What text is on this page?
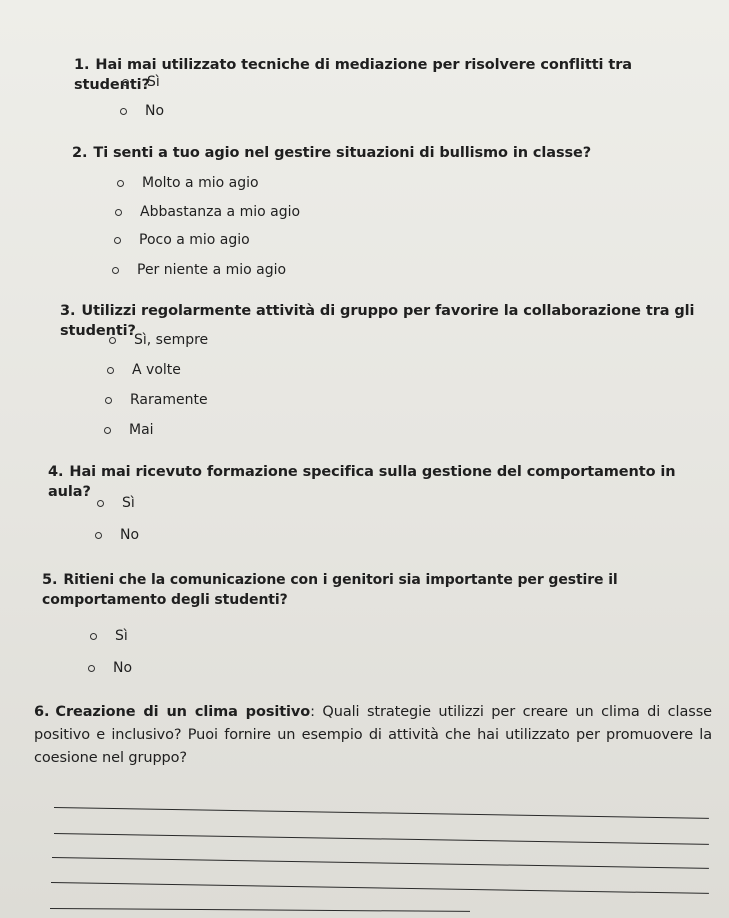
1. Hai mai utilizzato tecniche di mediazione per risolvere conflitti tra studenti?
Sì
No
2. Ti senti a tuo agio nel gestire situazioni di bullismo in classe?
Molto a mio agio
Abbastanza a mio agio
Poco a mio agio
Per niente a mio agio
3. Utilizzi regolarmente attività di gruppo per favorire la collaborazione tra gli studenti?
Sì, sempre
A volte
Raramente
Mai
4. Hai mai ricevuto formazione specifica sulla gestione del comportamento in aula?
Sì
No
5. Ritieni che la comunicazione con i genitori sia importante per gestire il comportamento degli studenti?
Sì
No
6. Creazione di un clima positivo: Quali strategie utilizzi per creare un clima di classe positivo e inclusivo? Puoi fornire un esempio di attività che hai utilizzato per promuovere la coesione nel gruppo?
